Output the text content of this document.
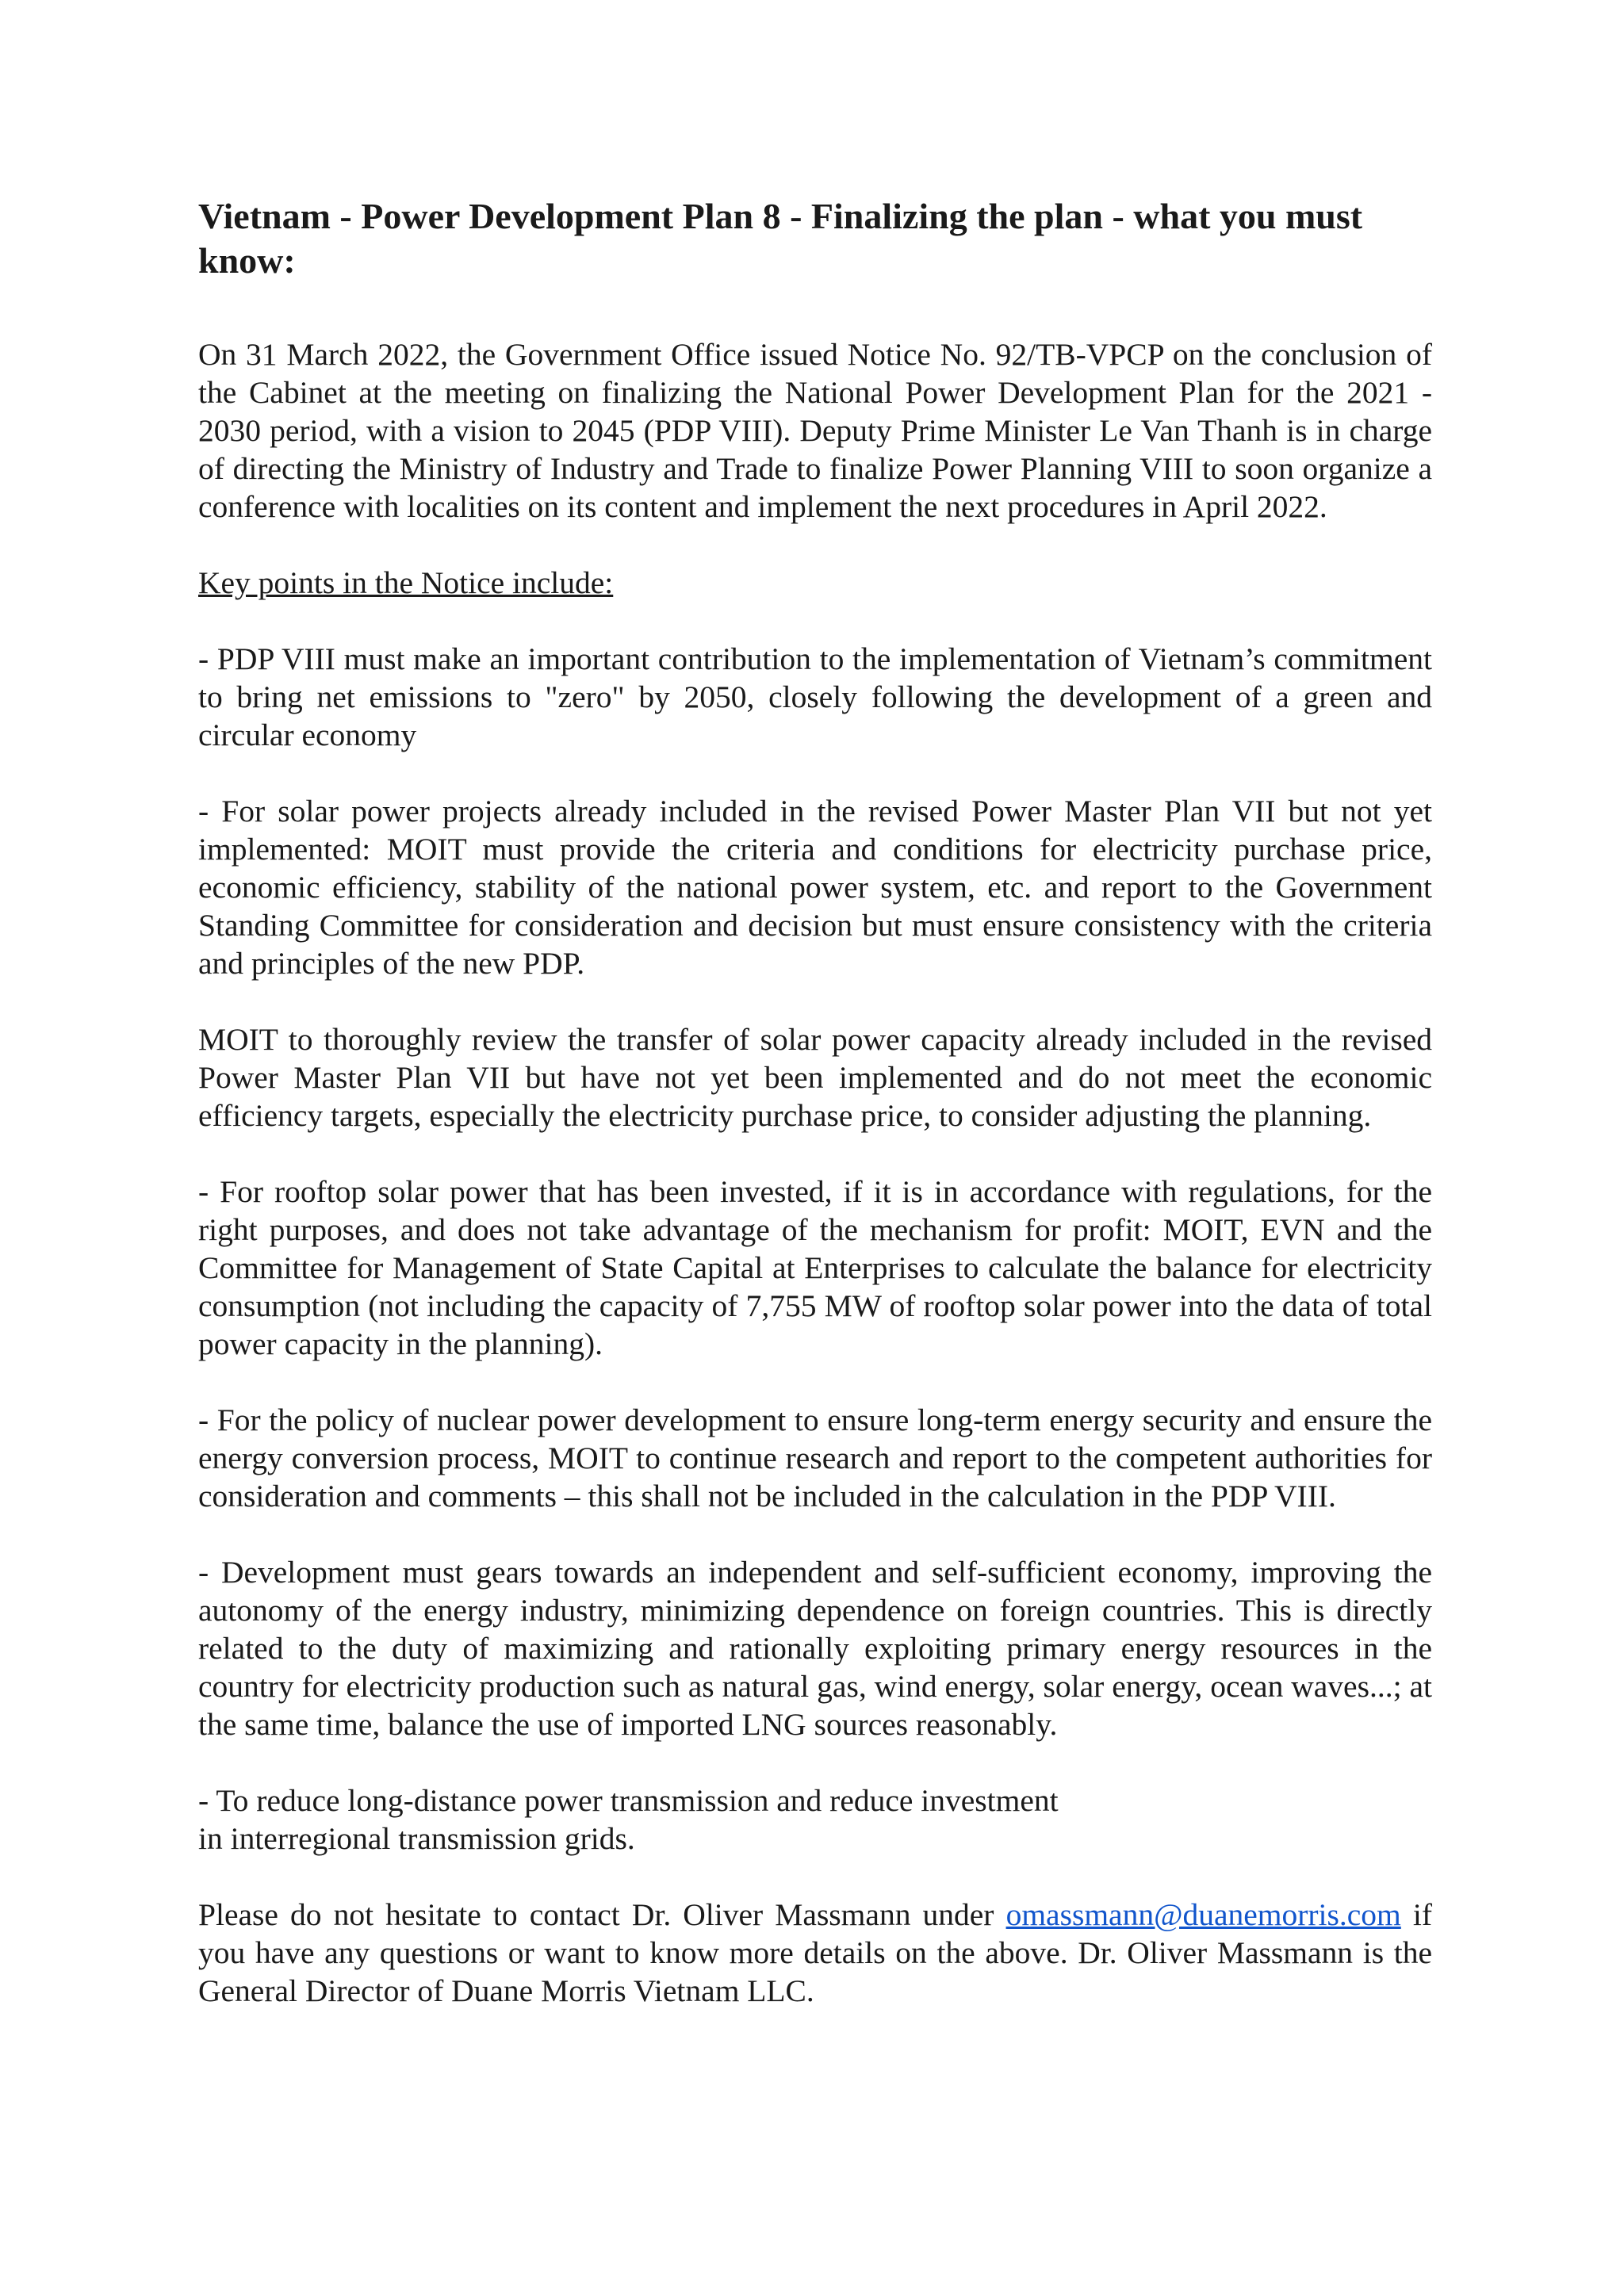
Vietnam - Power Development Plan 8 - Finalizing the plan - what you must know:

On 31 March 2022, the Government Office issued Notice No. 92/TB-VPCP on the conclusion of the Cabinet at the meeting on finalizing the National Power Development Plan for the 2021 - 2030 period, with a vision to 2045 (PDP VIII). Deputy Prime Minister Le Van Thanh is in charge of directing the Ministry of Industry and Trade to finalize Power Planning VIII to soon organize a conference with localities on its content and implement the next procedures in April 2022.

Key points in the Notice include:

- PDP VIII must make an important contribution to the implementation of Vietnam’s commitment to bring net emissions to "zero" by 2050, closely following the development of a green and circular economy

- For solar power projects already included in the revised Power Master Plan VII but not yet implemented: MOIT must provide the criteria and conditions for electricity purchase price, economic efficiency, stability of the national power system, etc. and report to the Government Standing Committee for consideration and decision but must ensure consistency with the criteria and principles of the new PDP.

MOIT to thoroughly review the transfer of solar power capacity already included in the revised Power Master Plan VII but have not yet been implemented and do not meet the economic efficiency targets, especially the electricity purchase price, to consider adjusting the planning.

- For rooftop solar power that has been invested, if it is in accordance with regulations, for the right purposes, and does not take advantage of the mechanism for profit: MOIT, EVN and the Committee for Management of State Capital at Enterprises to calculate the balance for electricity consumption (not including the capacity of 7,755 MW of rooftop solar power into the data of total power capacity in the planning).

- For the policy of nuclear power development to ensure long-term energy security and ensure the energy conversion process, MOIT to continue research and report to the competent authorities for consideration and comments – this shall not be included in the calculation in the PDP VIII.

- Development must gears towards an independent and self-sufficient economy, improving the autonomy of the energy industry, minimizing dependence on foreign countries. This is directly related to the duty of maximizing and rationally exploiting primary energy resources in the country for electricity production such as natural gas, wind energy, solar energy, ocean waves...; at the same time, balance the use of imported LNG sources reasonably.

- To reduce long-distance power transmission and reduce investment
in interregional transmission grids.

Please do not hesitate to contact Dr. Oliver Massmann under omassmann@duanemorris.com if you have any questions or want to know more details on the above. Dr. Oliver Massmann is the General Director of Duane Morris Vietnam LLC.
